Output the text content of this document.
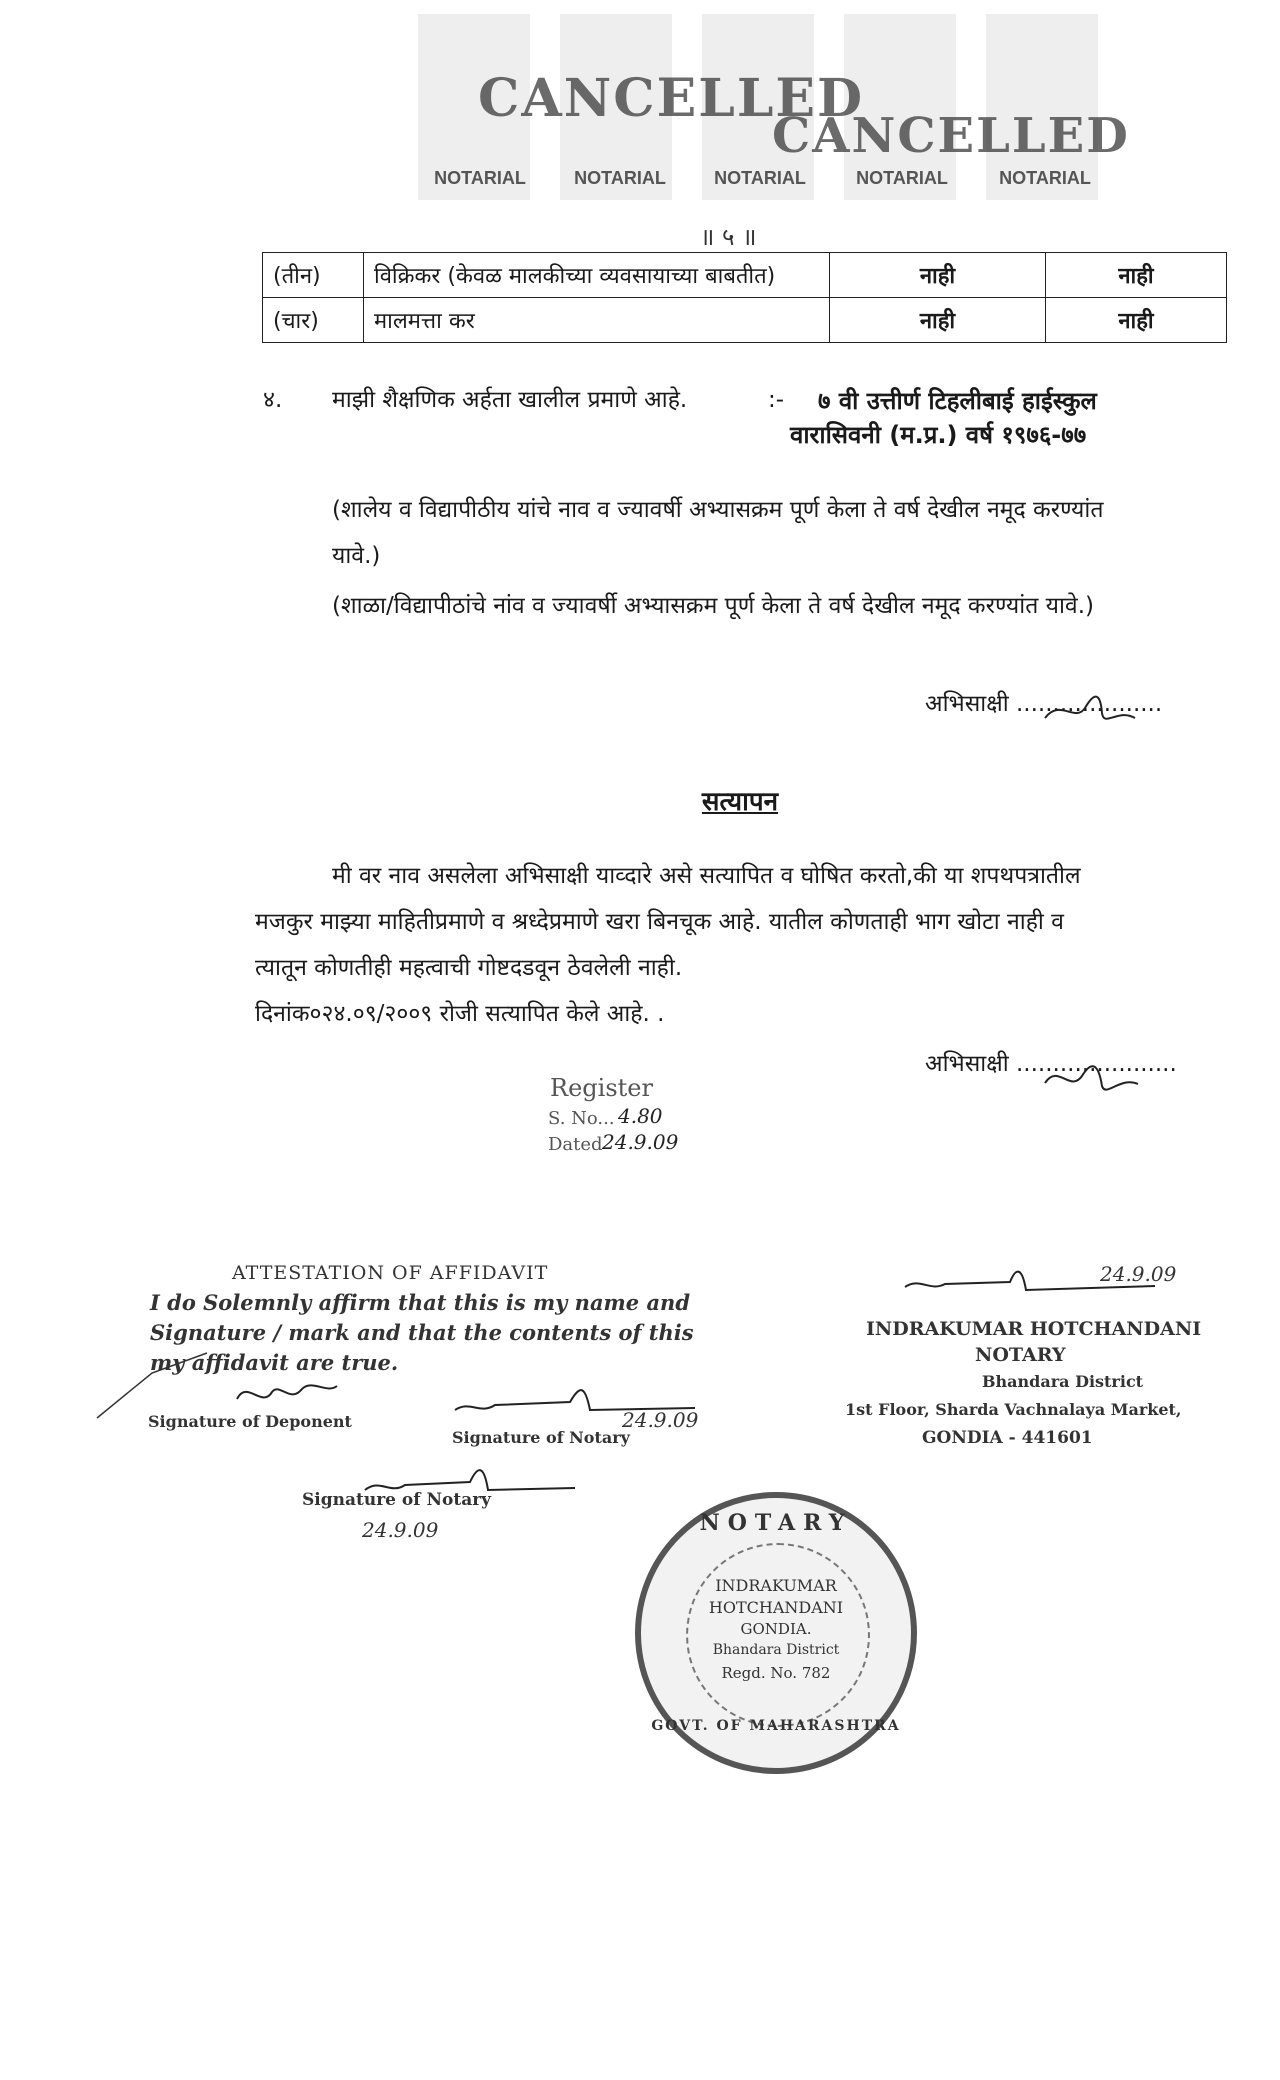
NOTARIAL	NOTARIAL	NOTARIAL	NOTARIAL	NOTARIAL
CANCELLED
CANCELLED
॥ ५ ॥
(तीन)	विक्रिकर (केवळ मालकीच्या व्यवसायाच्या बाबतीत)	नाही	नाही
(चार)	मालमत्ता कर	नाही	नाही
४. माझी शैक्षणिक अर्हता खालील प्रमाणे आहे.	:- ७ वी उत्तीर्ण टिहलीबाई हाईस्कुल
वारासिवनी (म.प्र.) वर्ष १९७६-७७
(शालेय व विद्यापीठीय यांचे नाव व ज्यावर्षी अभ्यासक्रम पूर्ण केला ते वर्ष देखील नमूद करण्यांत
यावे.)
(शाळा/विद्यापीठांचे नांव व ज्यावर्षी अभ्यासक्रम पूर्ण केला ते वर्ष देखील नमूद करण्यांत यावे.)
अभिसाक्षी ....................
सत्यापन
मी वर नाव असलेला अभिसाक्षी याव्दारे असे सत्यापित व घोषित करतो,की या शपथपत्रातील
मजकुर माझ्या माहितीप्रमाणे व श्रध्देप्रमाणे खरा बिनचूक आहे. यातील कोणताही भाग खोटा नाही व
त्यातून कोणतीही महत्वाची गोष्टदडवून ठेवलेली नाही.
दिनांक०२४.०९/२००९ रोजी सत्यापित केले आहे. .
अभिसाक्षी ......................
Register
S. No... 4.80
Dated 24.9.09
ATTESTATION OF AFFIDAVIT
I do Solemnly affirm that this is my name and
Signature / mark and that the contents of this
my affidavit are true.
Signature of Deponent	24.9.09
Signature of Notary
Signature of Notary
24.9.09
24.9.09
INDRAKUMAR HOTCHANDANI
NOTARY
Bhandara District
1st Floor, Sharda Vachnalaya Market,
GONDIA - 441601
NOTARY
INDRAKUMAR
HOTCHANDANI
GONDIA.
Bhandara District
Regd. No. 782
GOVT. OF MAHARASHTRA
